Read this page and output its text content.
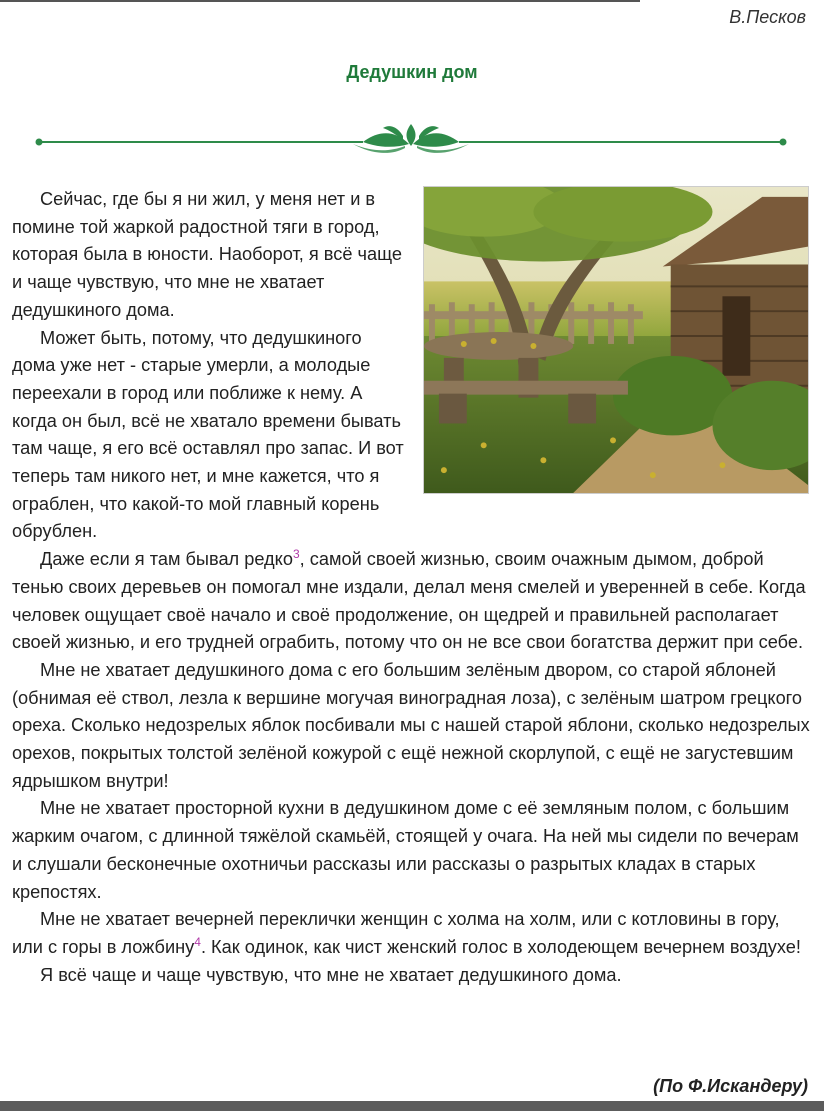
В.Песков
Дедушкин дом

Сейчас, где бы я ни жил, у меня нет и в помине той жаркой радостной тяги в город, которая была в юности. Наоборот, я всё чаще и чаще чувствую, что мне не хватает дедушкиного дома.

Может быть, потому, что дедушкиного дома уже нет - старые умерли, а молодые переехали в город или поближе к нему. А когда он был, всё не хватало времени бывать там чаще, я его всё оставлял про запас. И вот теперь там никого нет, и мне кажется, что я ограблен, что какой-то мой главный корень обрублен.

Даже если я там бывал редко$^3$, самой своей жизнью, своим очажным дымом, доброй тенью своих деревьев он помогал мне издали, делал меня смелей и уверенней в себе. Когда человек ощущает своё начало и своё продолжение, он щедрей и правильней располагает своей жизнью, и его трудней ограбить, потому что он не все свои богатства держит при себе.

Мне не хватает дедушкиного дома с его большим зелёным двором, со старой яблоней (обнимая её ствол, лезла к вершине могучая виноградная лоза), с зелёным шатром грецкого ореха. Сколько недозрелых яблок посбивали мы с нашей старой яблони, сколько недозрелых орехов, покрытых толстой зелёной кожурой с ещё нежной скорлупой, с ещё не загустевшим ядрышком внутри!

Мне не хватает просторной кухни в дедушкином доме с её земляным полом, с большим жарким очагом, с длинной тяжёлой скамьёй, стоящей у очага. На ней мы сидели по вечерам и слушали бесконечные охотничьи рассказы или рассказы о разрытых кладах в старых крепостях.

Мне не хватает вечерней переклички женщин с холма на холм, или с котловины в гору, или с горы в ложбину$^4$. Как одинок, как чист женский голос в холодеющем вечернем воздухе!

Я всё чаще и чаще чувствую, что мне не хватает дедушкиного дома.

(По Ф.Искандеру)
